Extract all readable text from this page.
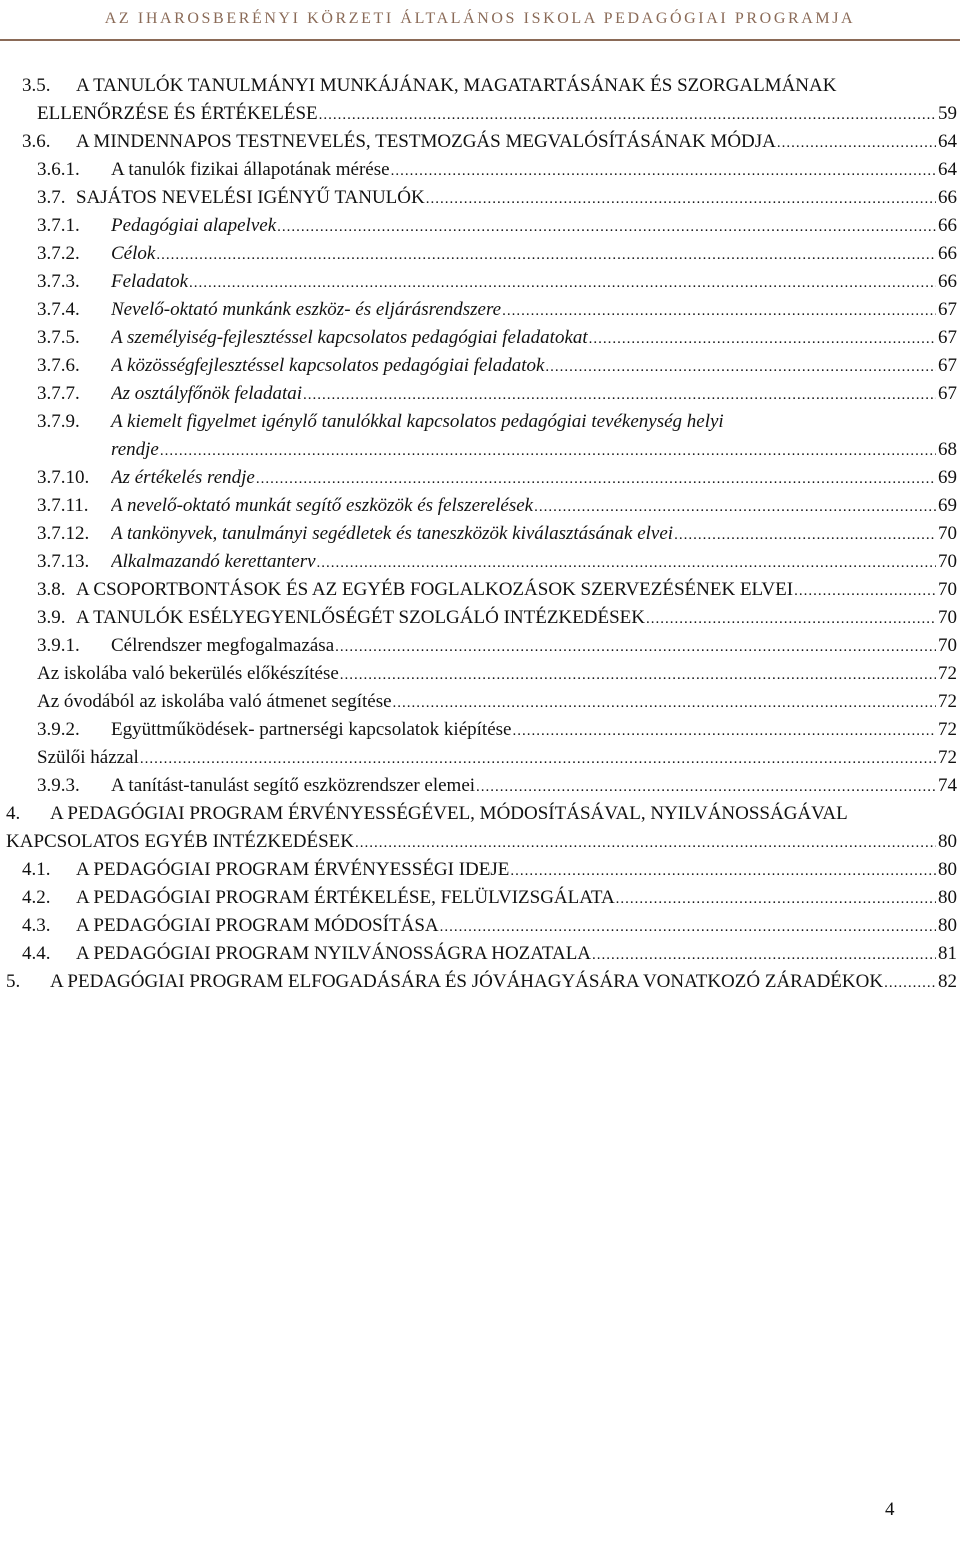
AZ IHAROSBERÉNYI KÖRZETI ÁLTALÁNOS ISKOLA PEDAGÓGIAI PROGRAMJA
3.5. A TANULÓK TANULMÁNYI MUNKÁJÁNAK, MAGATARTÁSÁNAK ÉS SZORGALMÁNAK
ELLENŐRZÉSE ÉS ÉRTÉKELÉSE .....	59
3.6. A MINDENNAPOS TESTNEVELÉS, TESTMOZGÁS MEGVALÓSÍTÁSÁNAK MÓDJA .....	64
3.6.1. A tanulók fizikai állapotának mérése .....	64
3.7. SAJÁTOS NEVELÉSI IGÉNYŰ TANULÓK .....	66
3.7.1. Pedagógiai alapelvek .....	66
3.7.2. Célok .....	66
3.7.3. Feladatok .....	66
3.7.4. Nevelő-oktató munkánk eszköz- és eljárásrendszere .....	67
3.7.5. A személyiség-fejlesztéssel kapcsolatos pedagógiai feladatokat .....	67
3.7.6. A közösségfejlesztéssel kapcsolatos pedagógiai feladatok .....	67
3.7.7. Az osztályfőnök feladatai .....	67
3.7.9. A kiemelt figyelmet igénylő tanulókkal kapcsolatos pedagógiai tevékenység helyi
rendje .....	68
3.7.10. Az értékelés rendje .....	69
3.7.11. A nevelő-oktató munkát segítő eszközök és felszerelések .....	69
3.7.12. A tankönyvek, tanulmányi segédletek és taneszközök kiválasztásának elvei .....	70
3.7.13. Alkalmazandó kerettanterv .....	70
3.8. A CSOPORTBONTÁSOK ÉS AZ EGYÉB FOGLALKOZÁSOK SZERVEZÉSÉNEK ELVEI .....	70
3.9. A TANULÓK ESÉLYEGYENLŐSÉGÉT SZOLGÁLÓ INTÉZKEDÉSEK .....	70
3.9.1. Célrendszer megfogalmazása .....	70
Az iskolába való bekerülés előkészítése .....	72
Az óvodából az iskolába való átmenet segítése .....	72
3.9.2. Együttműködések- partnerségi kapcsolatok kiépítése .....	72
Szülői házzal .....	72
3.9.3. A tanítást-tanulást segítő eszközrendszer elemei .....	74
4. A PEDAGÓGIAI PROGRAM ÉRVÉNYESSÉGÉVEL, MÓDOSÍTÁSÁVAL, NYILVÁNOSSÁGÁVAL
KAPCSOLATOS EGYÉB INTÉZKEDÉSEK .....	80
4.1. A PEDAGÓGIAI PROGRAM ÉRVÉNYESSÉGI IDEJE .....	80
4.2. A PEDAGÓGIAI PROGRAM ÉRTÉKELÉSE, FELÜLVIZSGÁLATA .....	80
4.3. A PEDAGÓGIAI PROGRAM MÓDOSÍTÁSA .....	80
4.4. A PEDAGÓGIAI PROGRAM NYILVÁNOSSÁGRA HOZATALA .....	81
5. A PEDAGÓGIAI PROGRAM ELFOGADÁSÁRA ÉS JÓVÁHAGYÁSÁRA VONATKOZÓ ZÁRADÉKOK .....	82
4
